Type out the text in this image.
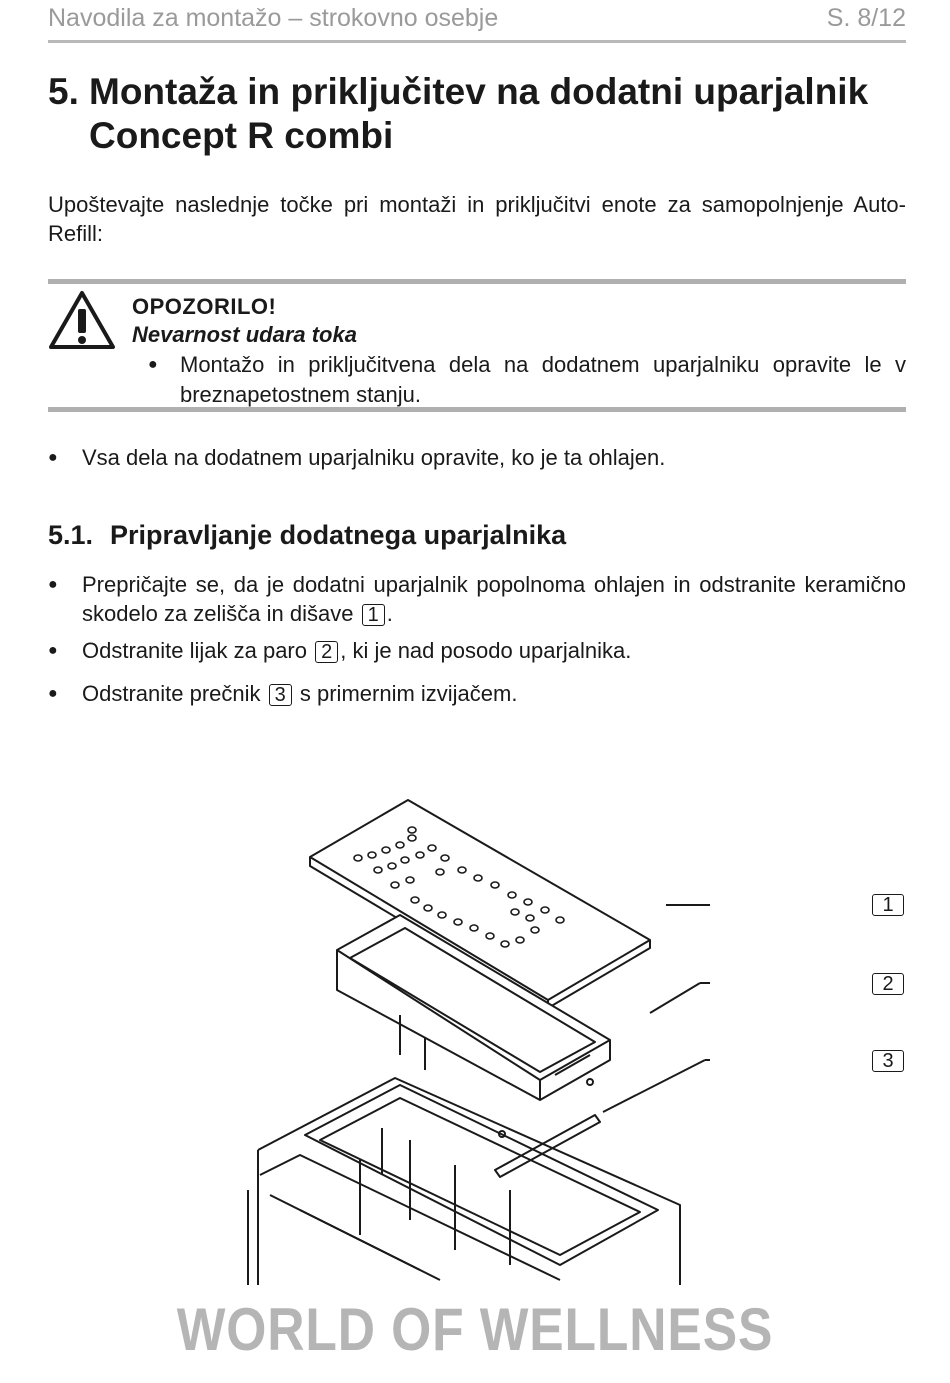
Navodila za montažo – strokovno osebje	S. 8/12
5. Montaža in priključitev na dodatni uparjalnik
Concept R combi
Upoštevajte naslednje točke pri montaži in priključitvi enote za samopolnjenje Auto-Refill:
OPOZORILO!
Nevarnost udara toka
● Montažo in priključitvena dela na dodatnem uparjalniku opravite le v breznapetostnem stanju.
● Vsa dela na dodatnem uparjalniku opravite, ko je ta ohlajen.
5.1. Pripravljanje dodatnega uparjalnika
● Prepričajte se, da je dodatni uparjalnik popolnoma ohlajen in odstranite keramično skodelo za zelišča in dišave 1 .
● Odstranite lijak za paro 2 , ki je nad posodo uparjalnika.
● Odstranite prečnik 3 s primernim izvijačem.
1
2
3
WORLD OF WELLNESS
